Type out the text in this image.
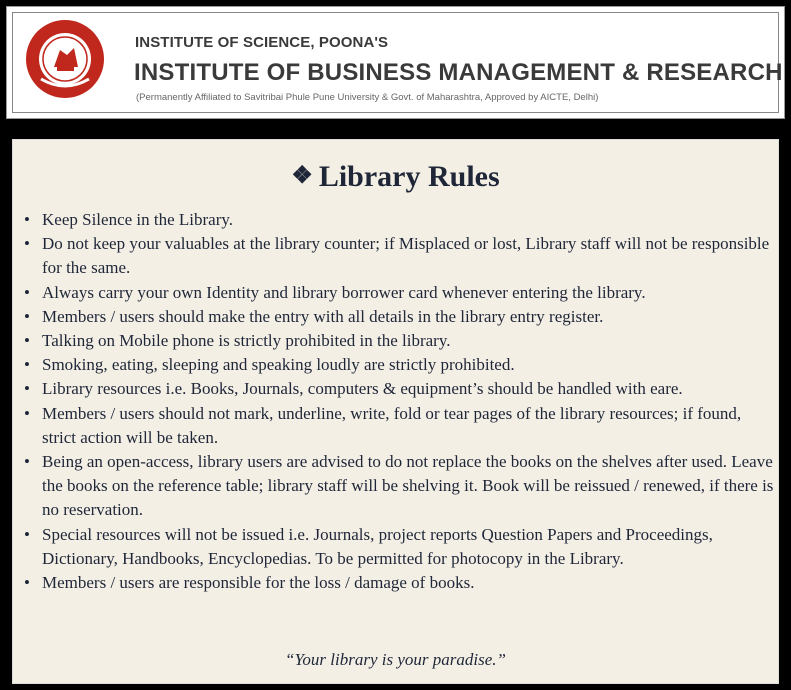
INSTITUTE OF SCIENCE, POONA'S
INSTITUTE OF BUSINESS MANAGEMENT & RESEARCH
(Permanently Affiliated to Savitribai Phule Pune University & Govt. of Maharashtra, Approved by AICTE, Delhi)
❖ Library Rules
• Keep Silence in the Library.
• Do not keep your valuables at the library counter; if Misplaced or lost, Library staff will not be responsible for the same.
• Always carry your own Identity and library borrower card whenever entering the library.
• Members / users should make the entry with all details in the library entry register.
• Talking on Mobile phone is strictly prohibited in the library.
• Smoking, eating, sleeping and speaking loudly are strictly prohibited.
• Library resources i.e. Books, Journals, computers & equipment’s should be handled with eare.
• Members / users should not mark, underline, write, fold or tear pages of the library resources; if found, strict action will be taken.
• Being an open-access, library users are advised to do not replace the books on the shelves after used. Leave the books on the reference table; library staff will be shelving it. Book will be reissued / renewed, if there is no reservation.
• Special resources will not be issued i.e. Journals, project reports Question Papers and Proceedings, Dictionary, Handbooks, Encyclopedias. To be permitted for photocopy in the Library.
• Members / users are responsible for the loss / damage of books.
“Your library is your paradise.”
